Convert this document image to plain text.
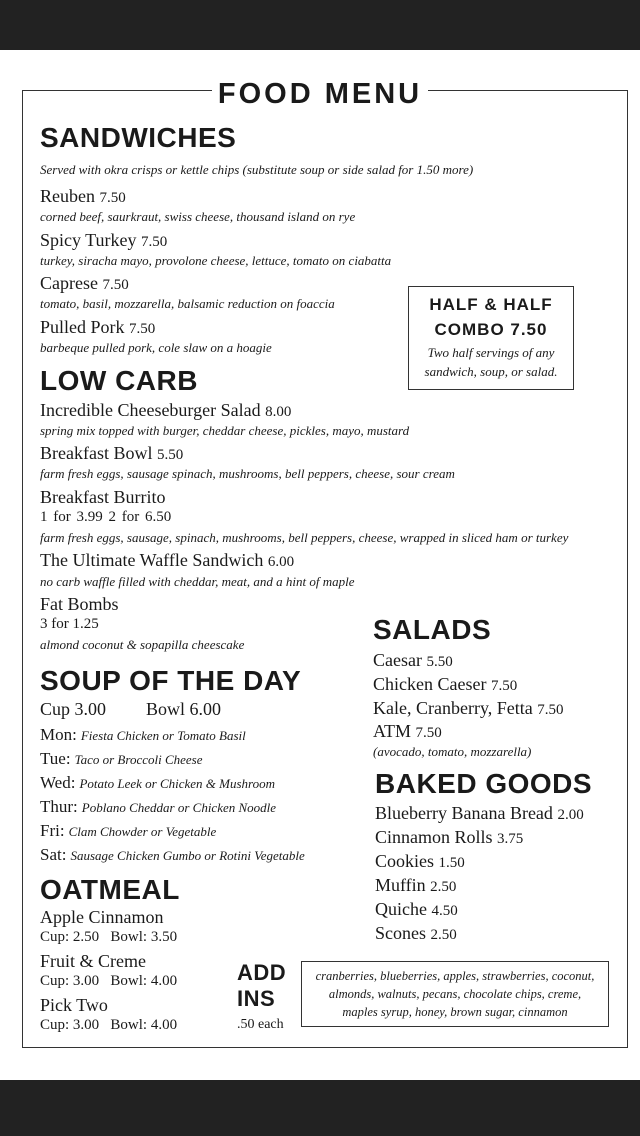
FOOD MENU
SANDWICHES
Served with okra crisps or kettle chips (substitute soup or side salad for 1.50 more)
Reuben 7.50
corned beef, saurkraut, swiss cheese, thousand island on rye
Spicy Turkey 7.50
turkey, siracha mayo, provolone cheese, lettuce, tomato on ciabatta
Caprese 7.50
tomato, basil, mozzarella, balsamic reduction on foaccia
Pulled Pork 7.50
barbeque pulled pork, cole slaw on a hoagie
HALF & HALF
COMBO 7.50
Two half servings of any
sandwich, soup, or salad.
LOW CARB
Incredible Cheeseburger Salad 8.00
spring mix topped with burger, cheddar cheese, pickles, mayo, mustard
Breakfast Bowl 5.50
farm fresh eggs, sausage spinach, mushrooms, bell peppers, cheese, sour cream
Breakfast Burrito
1 for 3.99 2 for 6.50
farm fresh eggs, sausage, spinach, mushrooms, bell peppers, cheese, wrapped in sliced ham or turkey
The Ultimate Waffle Sandwich 6.00
no carb waffle filled with cheddar, meat, and a hint of maple
Fat Bombs
3 for 1.25
almond coconut & sopapilla cheescake
SOUP OF THE DAY
Cup 3.00 Bowl 6.00
Mon: Fiesta Chicken or Tomato Basil
Tue: Taco or Broccoli Cheese
Wed: Potato Leek or Chicken & Mushroom
Thur: Poblano Cheddar or Chicken Noodle
Fri: Clam Chowder or Vegetable
Sat: Sausage Chicken Gumbo or Rotini Vegetable
OATMEAL
Apple Cinnamon
Cup: 2.50   Bowl: 3.50
Fruit & Creme
Cup: 3.00   Bowl: 4.00
Pick Two
Cup: 3.00   Bowl: 4.00
SALADS
Caesar 5.50
Chicken Caeser 7.50
Kale, Cranberry, Fetta 7.50
ATM 7.50
(avocado, tomato, mozzarella)
BAKED GOODS
Blueberry Banana Bread 2.00
Cinnamon Rolls 3.75
Cookies 1.50
Muffin 2.50
Quiche 4.50
Scones 2.50
ADD
INS
.50 each
cranberries, blueberries, apples, strawberries, coconut,
almonds, walnuts, pecans, chocolate chips, creme,
maples syrup, honey, brown sugar, cinnamon
